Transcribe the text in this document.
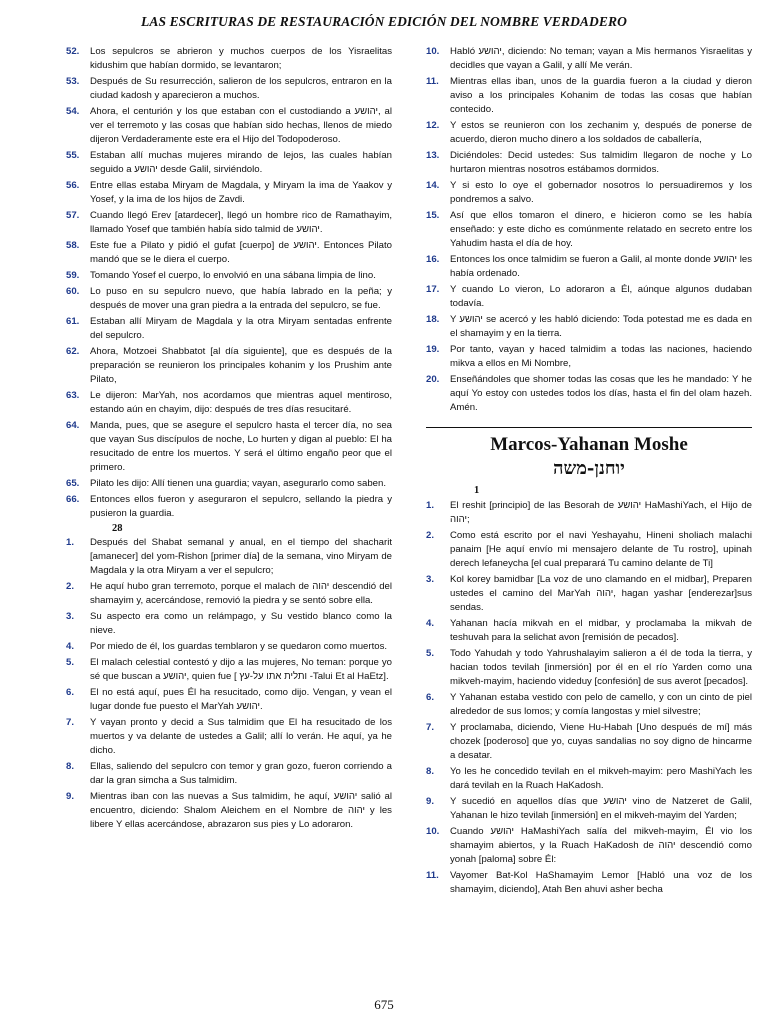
LAS ESCRITURAS DE RESTAURACIÓN EDICIÓN DEL NOMBRE VERDADERO
52.	Los sepulcros se abrieron y muchos cuerpos de los Yisraelitas kidushim que habían dormido, se levantaron;
53.	Después de Su resurrección, salieron de los sepulcros, entraron en la ciudad kadosh y aparecieron a muchos.
54.	Ahora, el centurión y los que estaban con el custodiando a יהושע, al ver el terremoto y las cosas que habían sido hechas, llenos de miedo dijeron Verdaderamente este era el Hijo del Todopoderoso.
55.	Estaban allí muchas mujeres mirando de lejos, las cuales habían seguido a יהושע desde Galil, sirviéndolo.
56.	Entre ellas estaba Miryam de Magdala, y Miryam la ima de Yaakov y Yosef, y la ima de los hijos de Zavdi.
57.	Cuando llegó Erev [atardecer], llegó un hombre rico de Ramathayim, llamado Yosef que también había sido talmid de יהושע.
58.	Este fue a Pilato y pidió el gufat [cuerpo] de יהושע. Entonces Pilato mandó que se le diera el cuerpo.
59.	Tomando Yosef el cuerpo, lo envolvió en una sábana limpia de lino.
60.	Lo puso en su sepulcro nuevo, que había labrado en la peña; y después de mover una gran piedra a la entrada del sepulcro, se fue.
61.	Estaban allí Miryam de Magdala y la otra Miryam sentadas enfrente del sepulcro.
62.	Ahora, Motzoei Shabbatot [al día siguiente], que es después de la preparación se reunieron los principales kohanim y los Prushim ante Pilato,
63.	Le dijeron: MarYah, nos acordamos que mientras aquel mentiroso, estando aún en chayim, dijo: después de tres días resucitaré.
64.	Manda, pues, que se asegure el sepulcro hasta el tercer día, no sea que vayan Sus discípulos de noche, Lo hurten y digan al pueblo: El ha resucitado de entre los muertos. Y será el último engaño peor que el primero.
65.	Pilato les dijo: Allí tienen una guardia; vayan, asegurarlo como saben.
66.	Entonces ellos fueron y aseguraron el sepulcro, sellando la piedra y pusieron la guardia.
28
1.	Después del Shabat semanal y anual, en el tiempo del shacharit [amanecer] del yom-Rishon [primer día] de la semana, vino Miryam de Magdala y la otra Miryam a ver el sepulcro;
2.	He aquí hubo gran terremoto, porque el malach de יהוה descendió del shamayim y, acercándose, removió la piedra y se sentó sobre ella.
3.	Su aspecto era como un relámpago, y Su vestido blanco como la nieve.
4.	Por miedo de él, los guardas temblaron y se quedaron como muertos.
5.	El malach celestial contestó y dijo a las mujeres, No teman: porque yo sé que buscan a יהושע, quien fue [ ותלית אתו על-עץ -Talui Et al HaEtz].
6.	El no está aquí, pues Él ha resucitado, como dijo. Vengan, y vean el lugar donde fue puesto el MarYah יהושע.
7.	Y vayan pronto y decid a Sus talmidim que El ha resucitado de los muertos y va delante de ustedes a Galil; allí lo verán. He aquí, ya he dicho.
8.	Ellas, saliendo del sepulcro con temor y gran gozo, fueron corriendo a dar la gran simcha a Sus talmidim.
9.	Mientras iban con las nuevas a Sus talmidim, he aquí, יהושע salió al encuentro, diciendo: Shalom Aleichem en el Nombre de יהוה y les libere Y ellas acercándose, abrazaron sus pies y Lo adoraron.
10.	Habló יהושע, diciendo: No teman; vayan a Mis hermanos Yisraelitas y decidles que vayan a Galil, y allí Me verán.
11.	Mientras ellas iban, unos de la guardia fueron a la ciudad y dieron aviso a los principales Kohanim de todas las cosas que habían contecido.
12.	Y estos se reunieron con los zechanim y, después de ponerse de acuerdo, dieron mucho dinero a los soldados de caballería,
13.	Diciéndoles: Decid ustedes: Sus talmidim llegaron de noche y Lo hurtaron mientras nosotros estábamos dormidos.
14.	Y si esto lo oye el gobernador nosotros lo persuadiremos y los pondremos a salvo.
15.	Así que ellos tomaron el dinero, e hicieron como se les había enseñado: y este dicho es comúnmente relatado en secreto entre los Yahudim hasta el día de hoy.
16.	Entonces los once talmidim se fueron a Galil, al monte donde יהושע les había ordenado.
17.	Y cuando Lo vieron, Lo adoraron a Él, aúnque algunos dudaban todavía.
18.	Y יהושע se acercó y les habló diciendo: Toda potestad me es dada en el shamayim y en la tierra.
19.	Por tanto, vayan y haced talmidim a todas las naciones, haciendo mikva a ellos en Mi Nombre,
20.	Enseñándoles que shomer todas las cosas que les he mandado: Y he aquí Yo estoy con ustedes todos los días, hasta el fin del olam hazeh. Amén.
Marcos-Yahanan Moshe
יוחנן-משה
1
1.	El reshit [principio] de las Besorah de יהושע HaMashiYach, el Hijo de יהוה;
2.	Como está escrito por el navi Yeshayahu, Hineni sholiach malachi panaim [He aquí envío mi mensajero delante de Tu rostro], upinah derech lefaneycha [el cual preparará Tu camino delante de Ti]
3.	Kol korey bamidbar [La voz de uno clamando en el midbar], Preparen ustedes el camino del MarYah יהוה, hagan yashar [enderezar]sus sendas.
4.	Yahanan hacía mikvah en el midbar, y proclamaba la mikvah de teshuvah para la selichat avon [remisión de pecados].
5.	Todo Yahudah y todo Yahrushalayim salieron a él de toda la tierra, y hacian todos tevilah [inmersión] por él en el río Yarden como una mikveh-mayim, haciendo videduy [confesión] de sus averot [pecados].
6.	Y Yahanan estaba vestido con pelo de camello, y con un cinto de piel alrededor de sus lomos; y comía langostas y miel silvestre;
7.	Y proclamaba, diciendo, Viene Hu-Habah [Uno después de mí] más chozek [poderoso] que yo, cuyas sandalias no soy digno de hincarme a desatar.
8.	Yo les he concedido tevilah en el mikveh-mayim: pero MashiYach les dará tevilah en la Ruach HaKadosh.
9.	Y sucedió en aquellos días que יהושע vino de Natzeret de Galil, Yahanan le hizo tevilah [inmersión] en el mikveh-mayim del Yarden;
10.	Cuando יהושע HaMashiYach salía del mikveh-mayim, Él vio los shamayim abiertos, y la Ruach HaKadosh de יהוה descendió como yonah [paloma] sobre Él:
11.	Vayomer Bat-Kol HaShamayim Lemor [Habló una voz de los shamayim, diciendo], Atah Ben ahuvi asher becha
675
